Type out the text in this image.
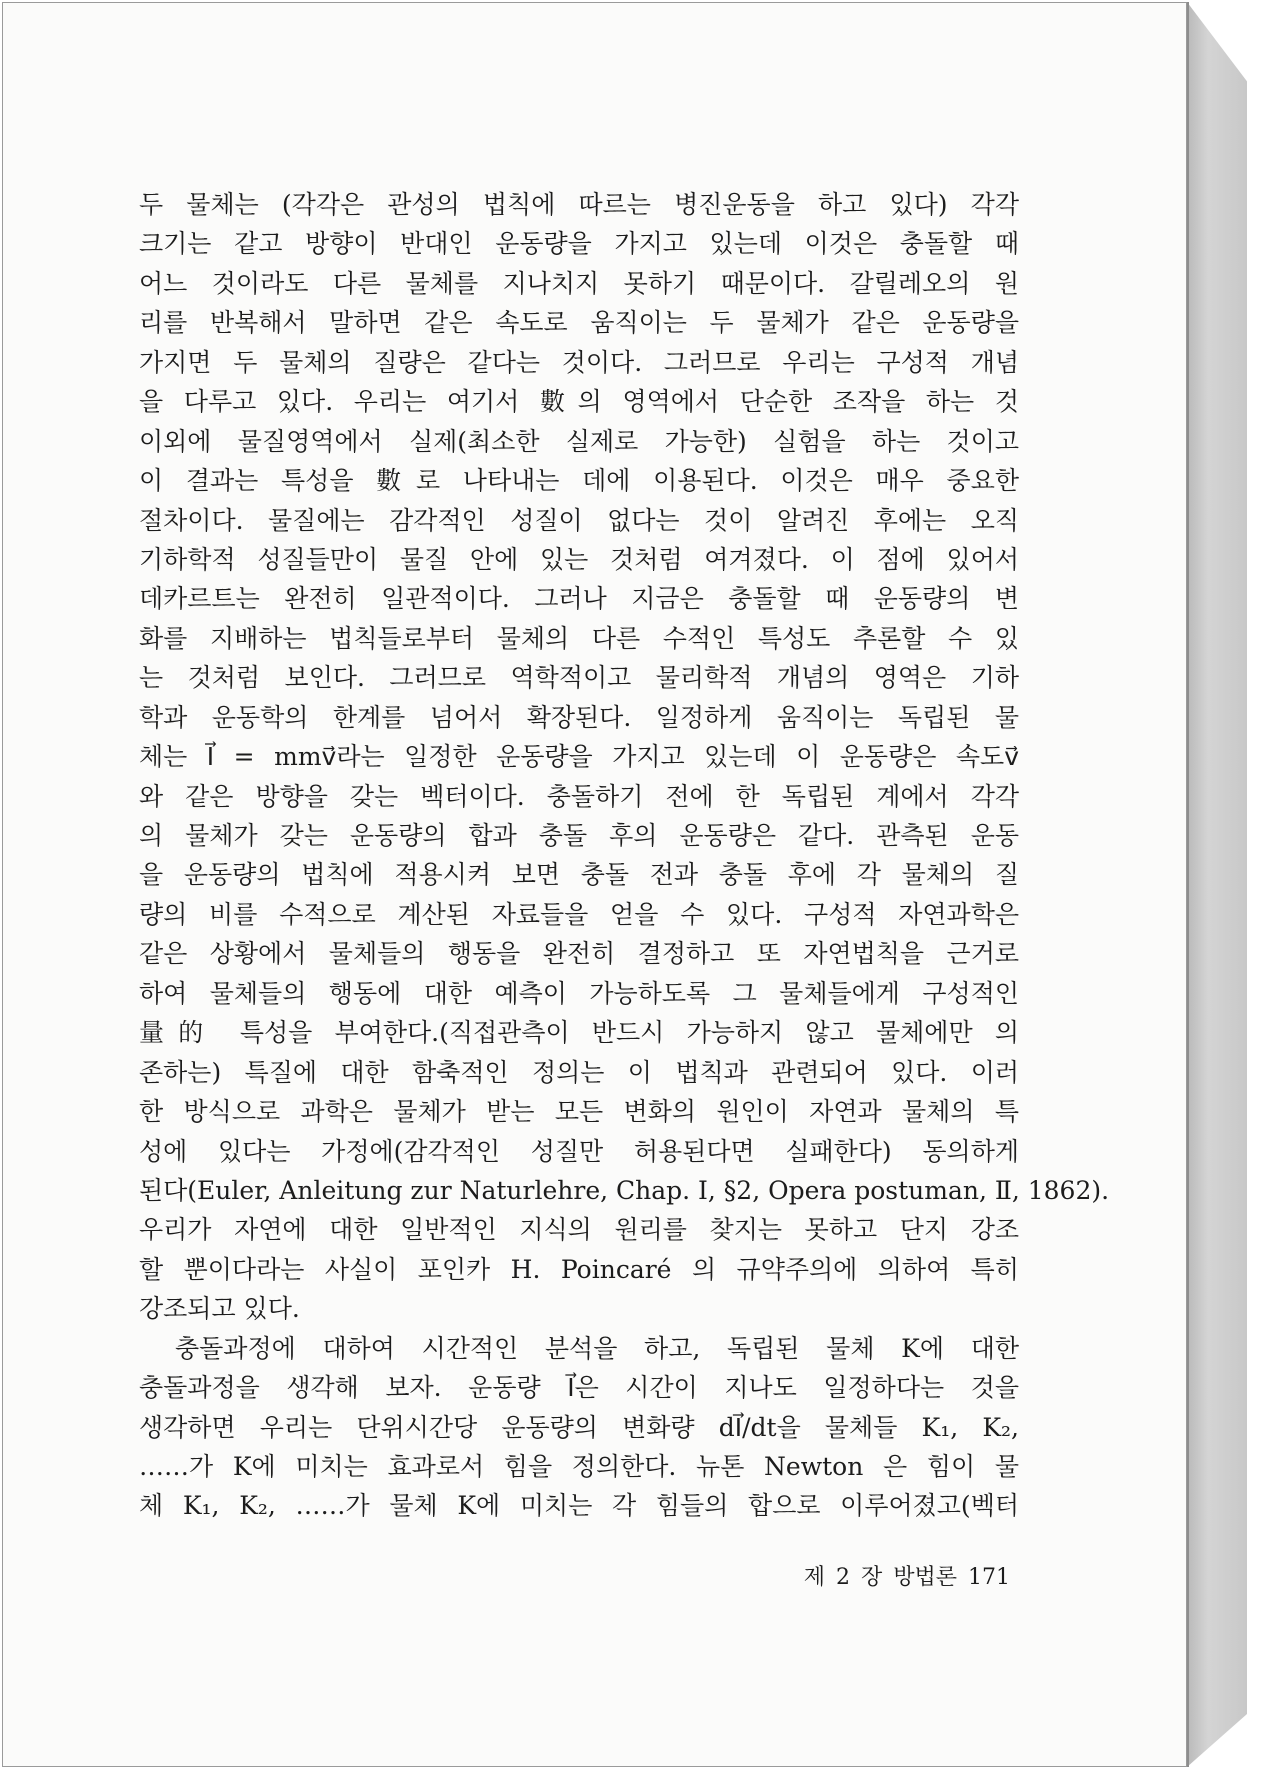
두 물체는 (각각은 관성의 법칙에 따르는 병진운동을 하고 있다) 각각
크기는 같고 방향이 반대인 운동량을 가지고 있는데 이것은 충돌할 때
어느 것이라도 다른 물체를 지나치지 못하기 때문이다. 갈릴레오의 원
리를 반복해서 말하면 같은 속도로 움직이는 두 물체가 같은 운동량을
가지면 두 물체의 질량은 같다는 것이다. 그러므로 우리는 구성적 개념
을 다루고 있다. 우리는 여기서 數의 영역에서 단순한 조작을 하는 것
이외에 물질영역에서 실제(최소한 실제로 가능한) 실험을 하는 것이고
이 결과는 특성을 數로 나타내는 데에 이용된다. 이것은 매우 중요한
절차이다. 물질에는 감각적인 성질이 없다는 것이 알려진 후에는 오직
기하학적 성질들만이 물질 안에 있는 것처럼 여겨졌다. 이 점에 있어서
데카르트는 완전히 일관적이다. 그러나 지금은 충돌할 때 운동량의 변
화를 지배하는 법칙들로부터 물체의 다른 수적인 특성도 추론할 수 있
는 것처럼 보인다. 그러므로 역학적이고 물리학적 개념의 영역은 기하
학과 운동학의 한계를 넘어서 확장된다. 일정하게 움직이는 독립된 물
체는 I⃗ = mmv⃗라는 일정한 운동량을 가지고 있는데 이 운동량은 속도v⃗
와 같은 방향을 갖는 벡터이다. 충돌하기 전에 한 독립된 계에서 각각
의 물체가 갖는 운동량의 합과 충돌 후의 운동량은 같다. 관측된 운동
을 운동량의 법칙에 적용시켜 보면 충돌 전과 충돌 후에 각 물체의 질
량의 비를 수적으로 계산된 자료들을 얻을 수 있다. 구성적 자연과학은
같은 상황에서 물체들의 행동을 완전히 결정하고 또 자연법칙을 근거로
하여 물체들의 행동에 대한 예측이 가능하도록 그 물체들에게 구성적인
量的 특성을 부여한다.(직접관측이 반드시 가능하지 않고 물체에만 의
존하는) 특질에 대한 함축적인 정의는 이 법칙과 관련되어 있다. 이러
한 방식으로 과학은 물체가 받는 모든 변화의 원인이 자연과 물체의 특
성에 있다는 가정에(감각적인 성질만 허용된다면 실패한다) 동의하게
된다(Euler, Anleitung zur Naturlehre, Chap. Ⅰ, §2, Opera postuman, Ⅱ, 1862).
우리가 자연에 대한 일반적인 지식의 원리를 찾지는 못하고 단지 강조
할 뿐이다라는 사실이 포인카 H. Poincaré 의 규약주의에 의하여 특히
강조되고 있다.
충돌과정에 대하여 시간적인 분석을 하고, 독립된 물체 K에 대한
충돌과정을 생각해 보자. 운동량 I⃗은 시간이 지나도 일정하다는 것을
생각하면 우리는 단위시간당 운동량의 변화량 dI⃗/dt을 물체들 K₁, K₂,
……가 K에 미치는 효과로서 힘을 정의한다. 뉴톤 Newton 은 힘이 물
체 K₁, K₂, ……가 물체 K에 미치는 각 힘들의 합으로 이루어졌고(벡터
제 2 장 방법론 171
